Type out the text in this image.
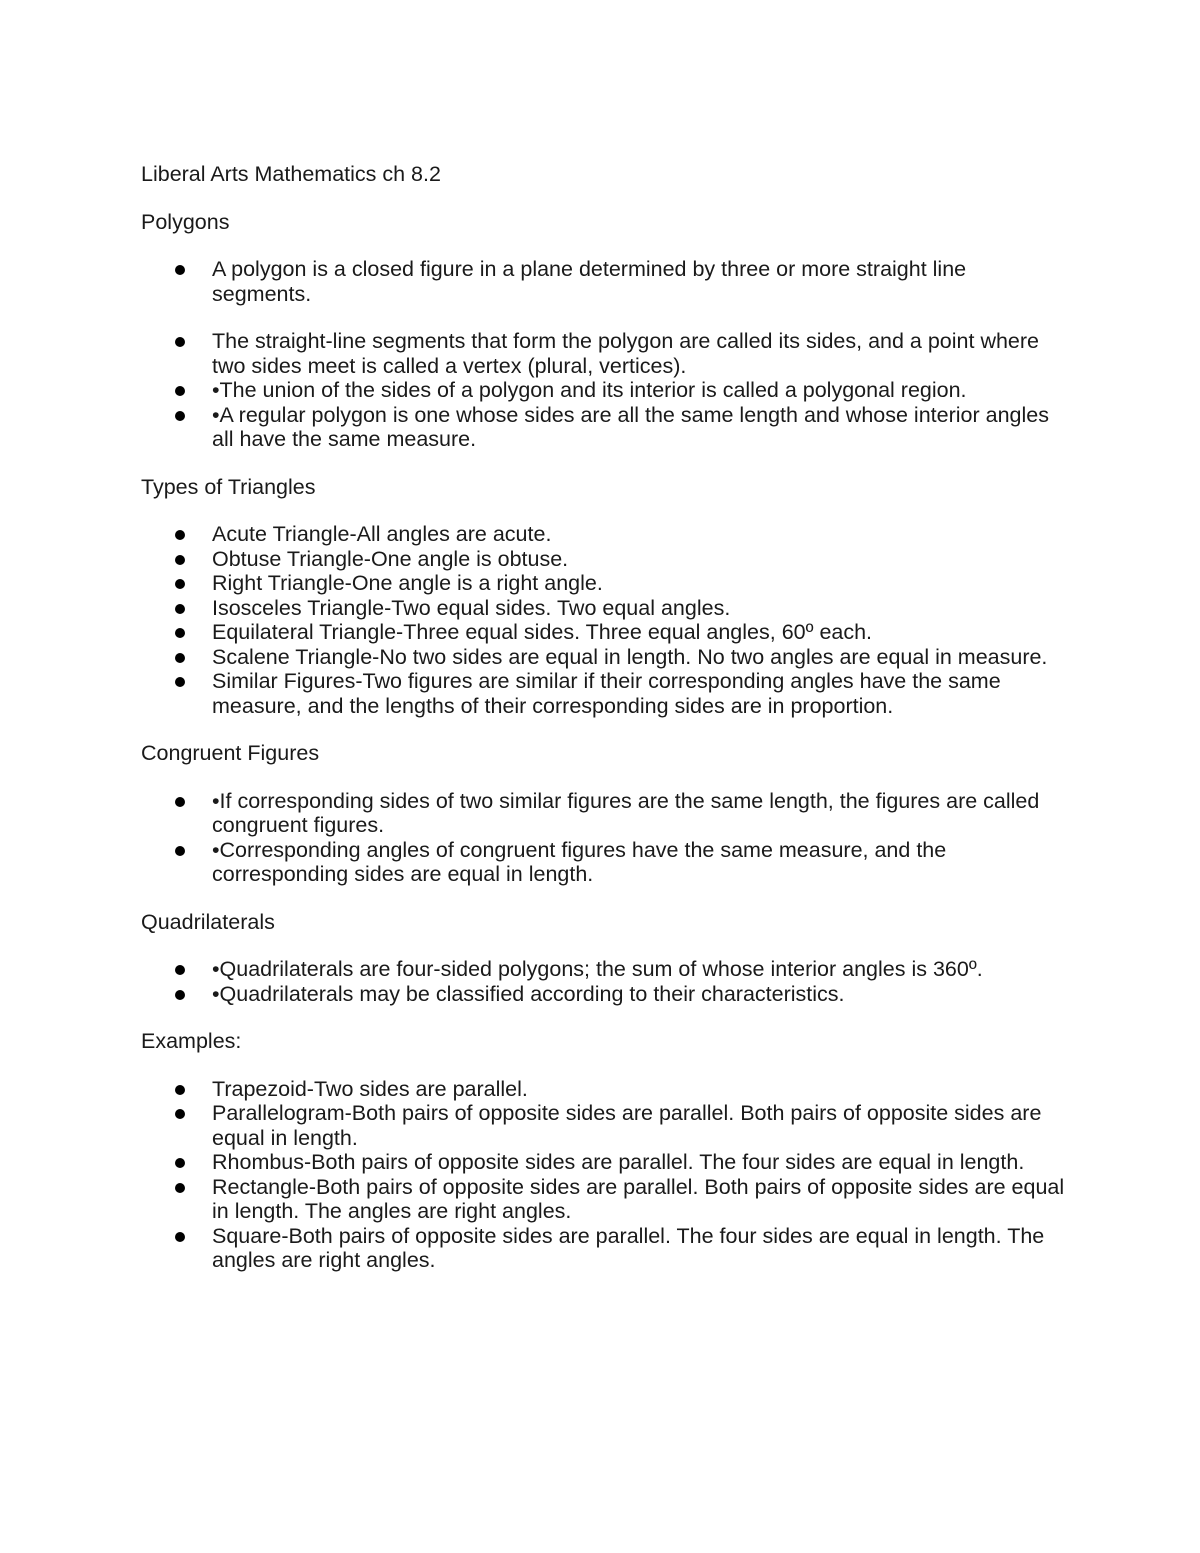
Liberal Arts Mathematics ch 8.2

Polygons

A polygon is a closed figure in a plane determined by three or more straight line segments.
The straight-line segments that form the polygon are called its sides, and a point where two sides meet is called a vertex (plural, vertices).
•The union of the sides of a polygon and its interior is called a polygonal region.
•A regular polygon is one whose sides are all the same length and whose interior angles all have the same measure.

Types of Triangles

Acute Triangle-All angles are acute.
Obtuse Triangle-One angle is obtuse.
Right Triangle-One angle is a right angle.
Isosceles Triangle-Two equal sides. Two equal angles.
Equilateral Triangle-Three equal sides. Three equal angles, 60º each.
Scalene Triangle-No two sides are equal in length. No two angles are equal in measure.
Similar Figures-Two figures are similar if their corresponding angles have the same measure, and the lengths of their corresponding sides are in proportion.

Congruent Figures

•If corresponding sides of two similar figures are the same length, the figures are called congruent figures.
•Corresponding angles of congruent figures have the same measure, and the corresponding sides are equal in length.

Quadrilaterals

•Quadrilaterals are four-sided polygons; the sum of whose interior angles is 360º.
•Quadrilaterals may be classified according to their characteristics.

Examples:

Trapezoid-Two sides are parallel.
Parallelogram-Both pairs of opposite sides are parallel. Both pairs of opposite sides are equal in length.
Rhombus-Both pairs of opposite sides are parallel. The four sides are equal in length.
Rectangle-Both pairs of opposite sides are parallel. Both pairs of opposite sides are equal in length. The angles are right angles.
Square-Both pairs of opposite sides are parallel. The four sides are equal in length. The angles are right angles.
